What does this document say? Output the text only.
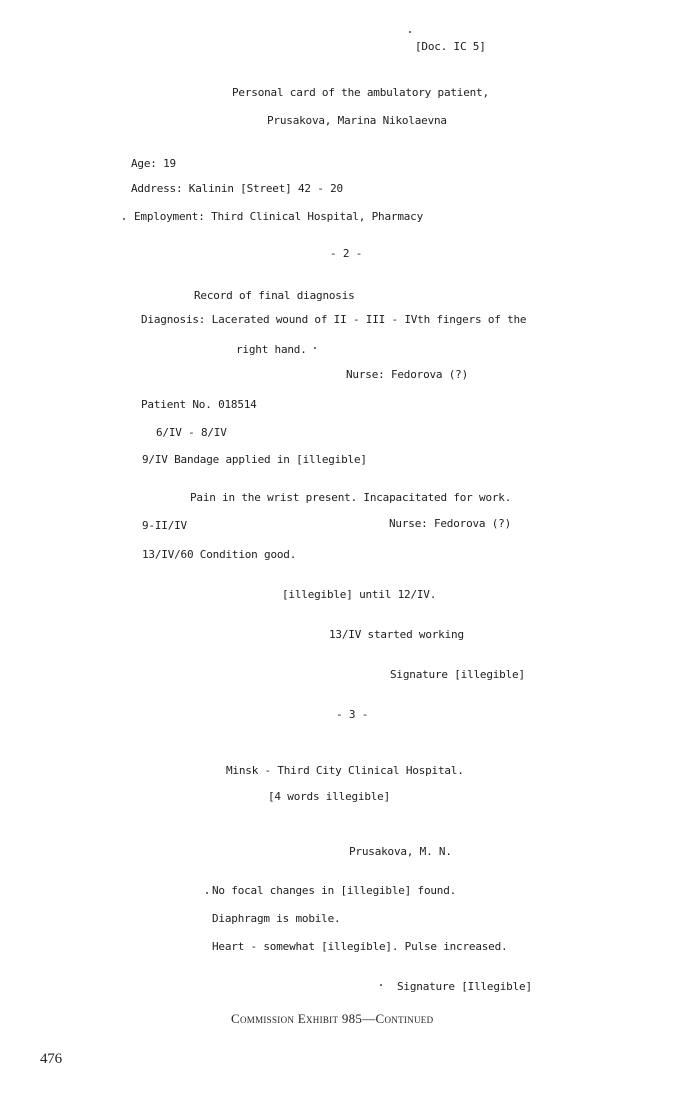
[Doc. IC 5]
Personal card of the ambulatory patient,
Prusakova, Marina Nikolaevna
Age: 19
Address: Kalinin [Street] 42 - 20
Employment: Third Clinical Hospital, Pharmacy
- 2 -
Record of final diagnosis
Diagnosis: Lacerated wound of II - III - IVth fingers of the
right hand.
Nurse: Fedorova (?)
Patient No. 018514
6/IV - 8/IV
9/IV Bandage applied in [illegible]
Pain in the wrist present. Incapacitated for work.
9-II/IV	Nurse: Fedorova (?)
13/IV/60 Condition good.
[illegible] until 12/IV.
13/IV started working
Signature [illegible]
- 3 -
Minsk - Third City Clinical Hospital.
[4 words illegible]
Prusakova, M. N.
No focal changes in [illegible] found.
Diaphragm is mobile.
Heart - somewhat [illegible]. Pulse increased.
Signature [Illegible]
Commission Exhibit 985—Continued
476
